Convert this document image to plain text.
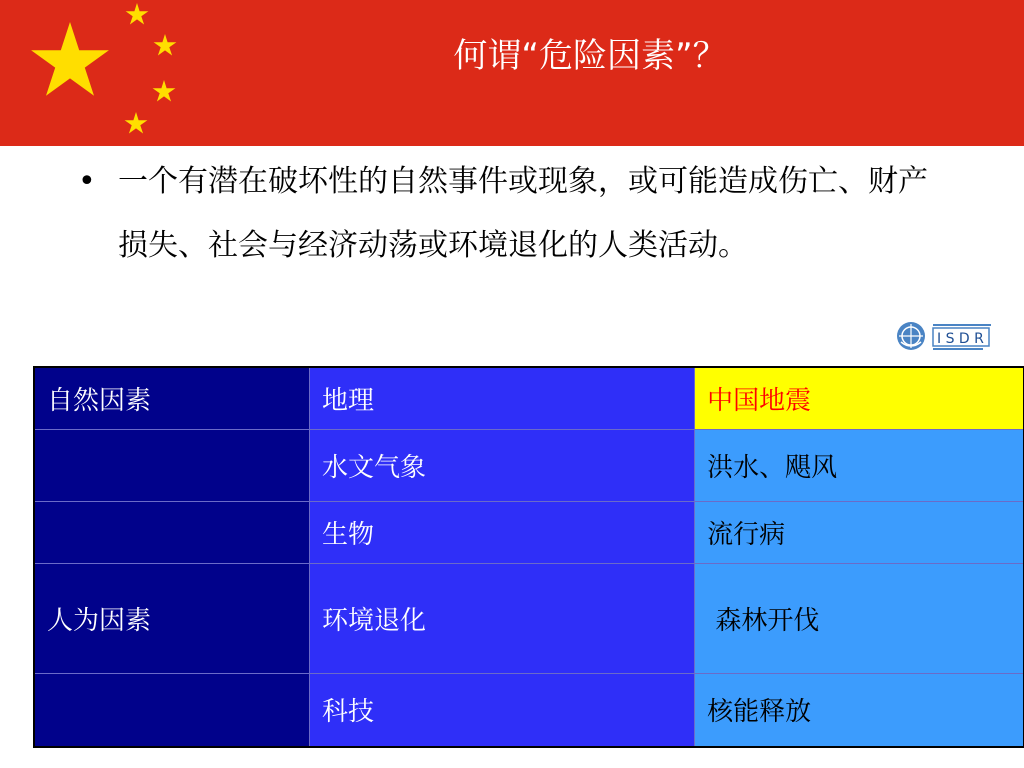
何谓“危险因素”？
• 一个有潜在破坏性的自然事件或现象，或可能造成伤亡、财产损失、社会与经济动荡或环境退化的人类活动。
I S D R
自然因素	地理	中国地震
	水文气象	洪水、飓风
	生物	流行病
人为因素	环境退化	森林开伐
	科技	核能释放
